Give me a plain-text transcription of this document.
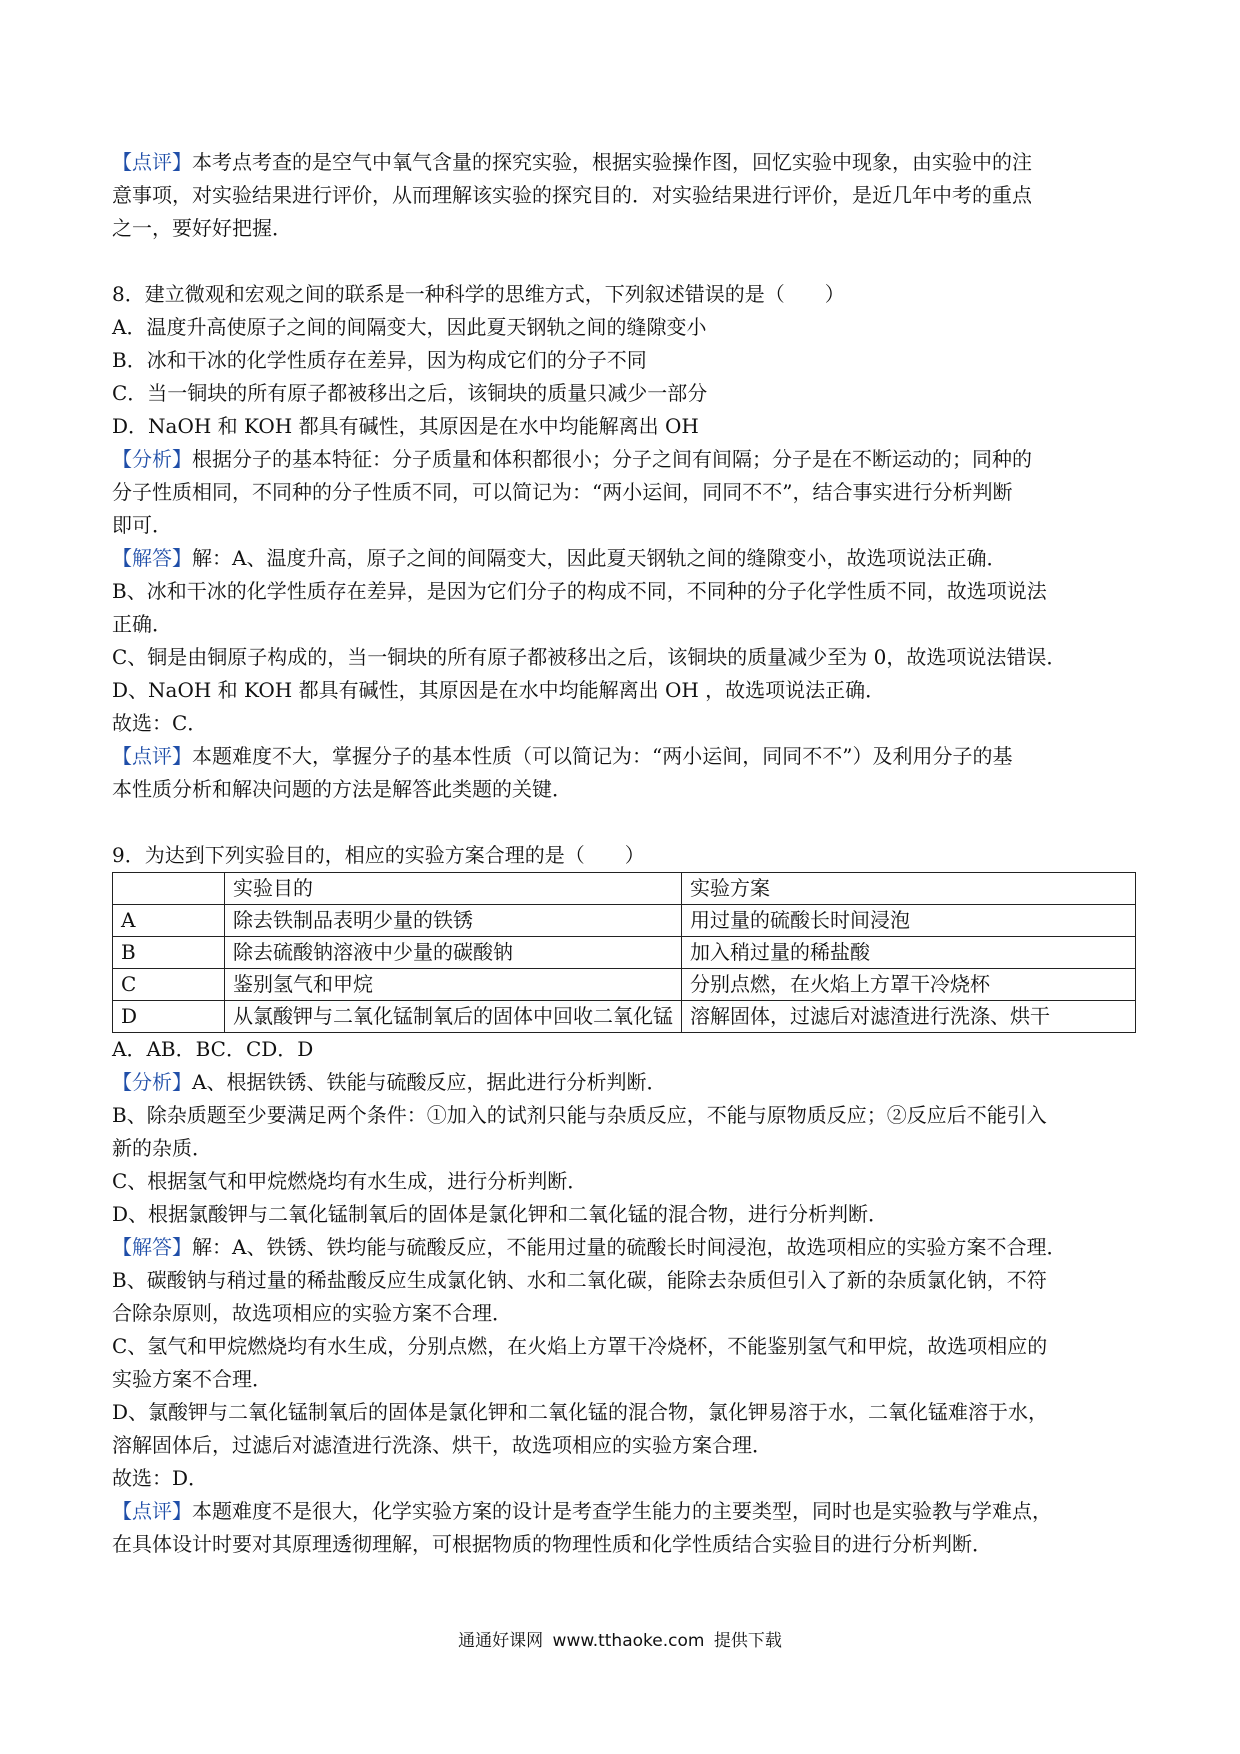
【点评】本考点考查的是空气中氧气含量的探究实验，根据实验操作图，回忆实验中现象，由实验中的注

意事项，对实验结果进行评价，从而理解该实验的探究目的．对实验结果进行评价，是近几年中考的重点

之一，要好好把握．

8．建立微观和宏观之间的联系是一种科学的思维方式，下列叙述错误的是（　　）

A．温度升高使原子之间的间隔变大，因此夏天钢轨之间的缝隙变小

B．冰和干冰的化学性质存在差异，因为构成它们的分子不同

C．当一铜块的所有原子都被移出之后，该铜块的质量只减少一部分

D．NaOH 和 KOH 都具有碱性，其原因是在水中均能解离出 OH

【分析】根据分子的基本特征：分子质量和体积都很小；分子之间有间隔；分子是在不断运动的；同种的

分子性质相同，不同种的分子性质不同，可以简记为：“两小运间，同同不不”，结合事实进行分析判断

即可．

【解答】解：A、温度升高，原子之间的间隔变大，因此夏天钢轨之间的缝隙变小，故选项说法正确．

B、冰和干冰的化学性质存在差异，是因为它们分子的构成不同，不同种的分子化学性质不同，故选项说法

正确．

C、铜是由铜原子构成的，当一铜块的所有原子都被移出之后，该铜块的质量减少至为 0，故选项说法错误．

D、NaOH 和 KOH 都具有碱性，其原因是在水中均能解离出 OH ，故选项说法正确．

故选：C．

【点评】本题难度不大，掌握分子的基本性质（可以简记为：“两小运间，同同不不”）及利用分子的基

本性质分析和解决问题的方法是解答此类题的关键．

9．为达到下列实验目的，相应的实验方案合理的是（　　）

	实验目的	实验方案
A	除去铁制品表明少量的铁锈	用过量的硫酸长时间浸泡
B	除去硫酸钠溶液中少量的碳酸钠	加入稍过量的稀盐酸
C	鉴别氢气和甲烷	分别点燃，在火焰上方罩干冷烧杯
D	从氯酸钾与二氧化锰制氧后的固体中回收二氧化锰	溶解固体，过滤后对滤渣进行洗涤、烘干

A．AB．BC．CD．D

【分析】A、根据铁锈、铁能与硫酸反应，据此进行分析判断．

B、除杂质题至少要满足两个条件：①加入的试剂只能与杂质反应，不能与原物质反应；②反应后不能引入

新的杂质．

C、根据氢气和甲烷燃烧均有水生成，进行分析判断．

D、根据氯酸钾与二氧化锰制氧后的固体是氯化钾和二氧化锰的混合物，进行分析判断．

【解答】解：A、铁锈、铁均能与硫酸反应，不能用过量的硫酸长时间浸泡，故选项相应的实验方案不合理．

B、碳酸钠与稍过量的稀盐酸反应生成氯化钠、水和二氧化碳，能除去杂质但引入了新的杂质氯化钠，不符

合除杂原则，故选项相应的实验方案不合理．

C、氢气和甲烷燃烧均有水生成，分别点燃，在火焰上方罩干冷烧杯，不能鉴别氢气和甲烷，故选项相应的

实验方案不合理．

D、氯酸钾与二氧化锰制氧后的固体是氯化钾和二氧化锰的混合物，氯化钾易溶于水，二氧化锰难溶于水，

溶解固体后，过滤后对滤渣进行洗涤、烘干，故选项相应的实验方案合理．

故选：D．

【点评】本题难度不是很大，化学实验方案的设计是考查学生能力的主要类型，同时也是实验教与学难点，

在具体设计时要对其原理透彻理解，可根据物质的物理性质和化学性质结合实验目的进行分析判断．

通通好课网 www.tthaoke.com 提供下载
